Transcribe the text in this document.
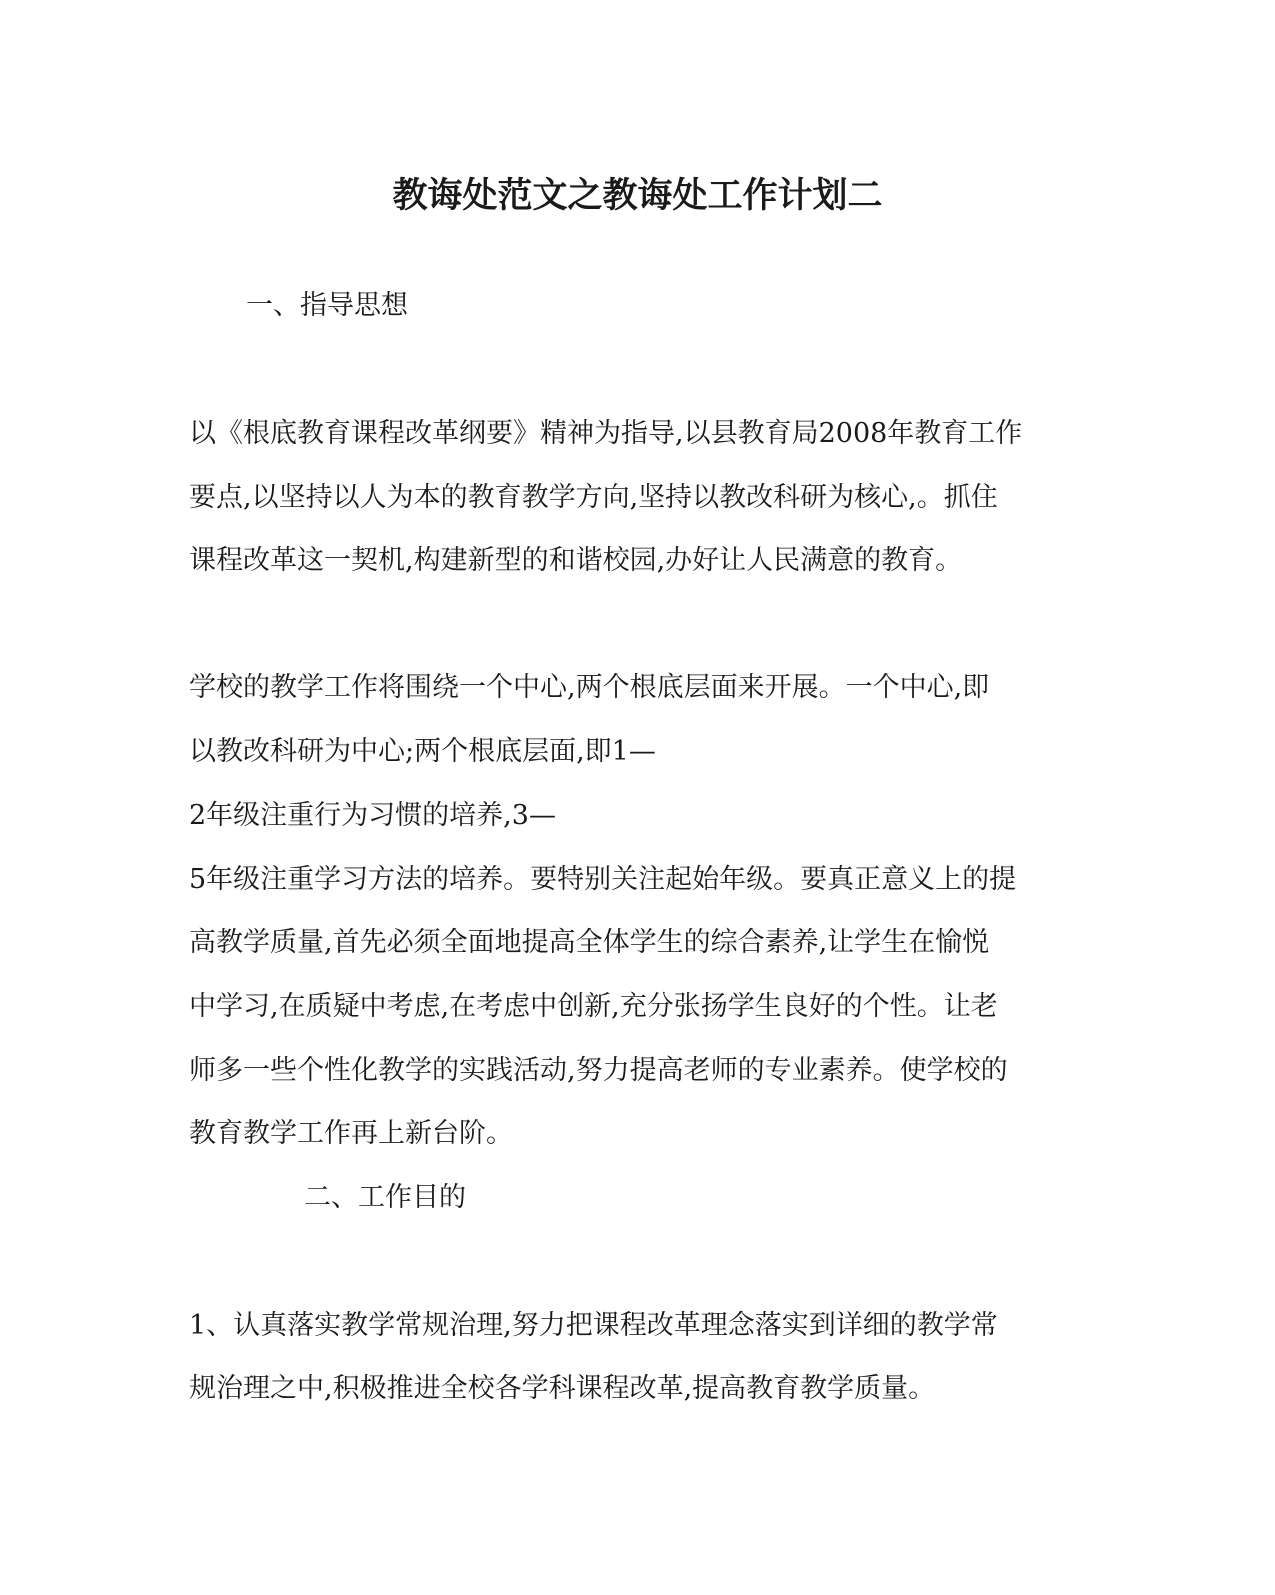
教诲处范文之教诲处工作计划二
一、指导思想
以《根底教育课程改革纲要》精神为指导,以县教育局2008年教育工作
要点,以坚持以人为本的教育教学方向,坚持以教改科研为核心,。抓住
课程改革这一契机,构建新型的和谐校园,办好让人民满意的教育。
学校的教学工作将围绕一个中心,两个根底层面来开展。一个中心,即
以教改科研为中心;两个根底层面,即1—
2年级注重行为习惯的培养,3—
5年级注重学习方法的培养。要特别关注起始年级。要真正意义上的提
高教学质量,首先必须全面地提高全体学生的综合素养,让学生在愉悦
中学习,在质疑中考虑,在考虑中创新,充分张扬学生良好的个性。让老
师多一些个性化教学的实践活动,努力提高老师的专业素养。使学校的
教育教学工作再上新台阶。
二、工作目的
1、认真落实教学常规治理,努力把课程改革理念落实到详细的教学常
规治理之中,积极推进全校各学科课程改革,提高教育教学质量。
